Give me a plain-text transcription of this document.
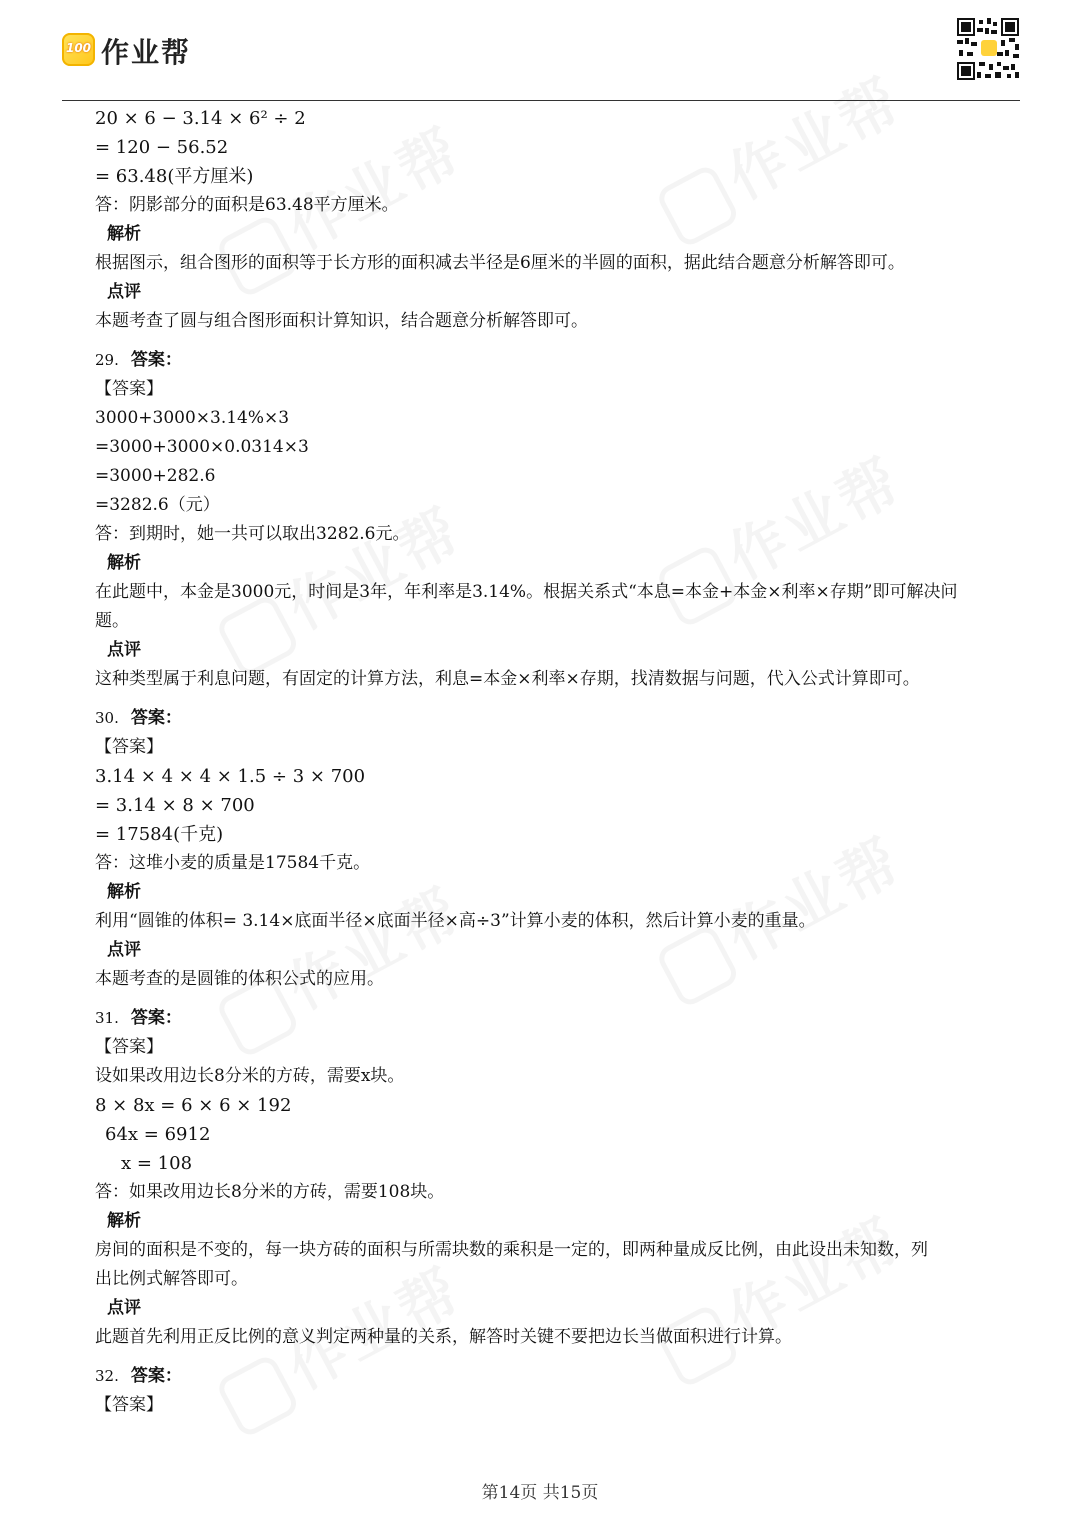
100 作业帮
20 × 6 − 3.14 × 6² ÷ 2
= 120 − 56.52
= 63.48(平方厘米)
答：阴影部分的面积是63.48平方厘米。
解析
根据图示，组合图形的面积等于长方形的面积减去半径是6厘米的半圆的面积，据此结合题意分析解答即可。
点评
本题考查了圆与组合图形面积计算知识，结合题意分析解答即可。
29. 答案：
【答案】
3000+3000×3.14%×3
=3000+3000×0.0314×3
=3000+282.6
=3282.6（元）
答：到期时，她一共可以取出3282.6元。
解析
在此题中，本金是3000元，时间是3年，年利率是3.14%。根据关系式“本息=本金+本金×利率×存期”即可解决问
题。
点评
这种类型属于利息问题，有固定的计算方法，利息=本金×利率×存期，找清数据与问题，代入公式计算即可。
30. 答案：
【答案】
3.14 × 4 × 4 × 1.5 ÷ 3 × 700
= 3.14 × 8 × 700
= 17584(千克)
答：这堆小麦的质量是17584千克。
解析
利用“圆锥的体积= 3.14×底面半径×底面半径×高÷3”计算小麦的体积，然后计算小麦的重量。
点评
本题考查的是圆锥的体积公式的应用。
31. 答案：
【答案】
设如果改用边长8分米的方砖，需要x块。
8 × 8x = 6 × 6 × 192
64x = 6912
x = 108
答：如果改用边长8分米的方砖，需要108块。
解析
房间的面积是不变的，每一块方砖的面积与所需块数的乘积是一定的，即两种量成反比例，由此设出未知数，列
出比例式解答即可。
点评
此题首先利用正反比例的意义判定两种量的关系，解答时关键不要把边长当做面积进行计算。
32. 答案：
【答案】
第14页 共15页
